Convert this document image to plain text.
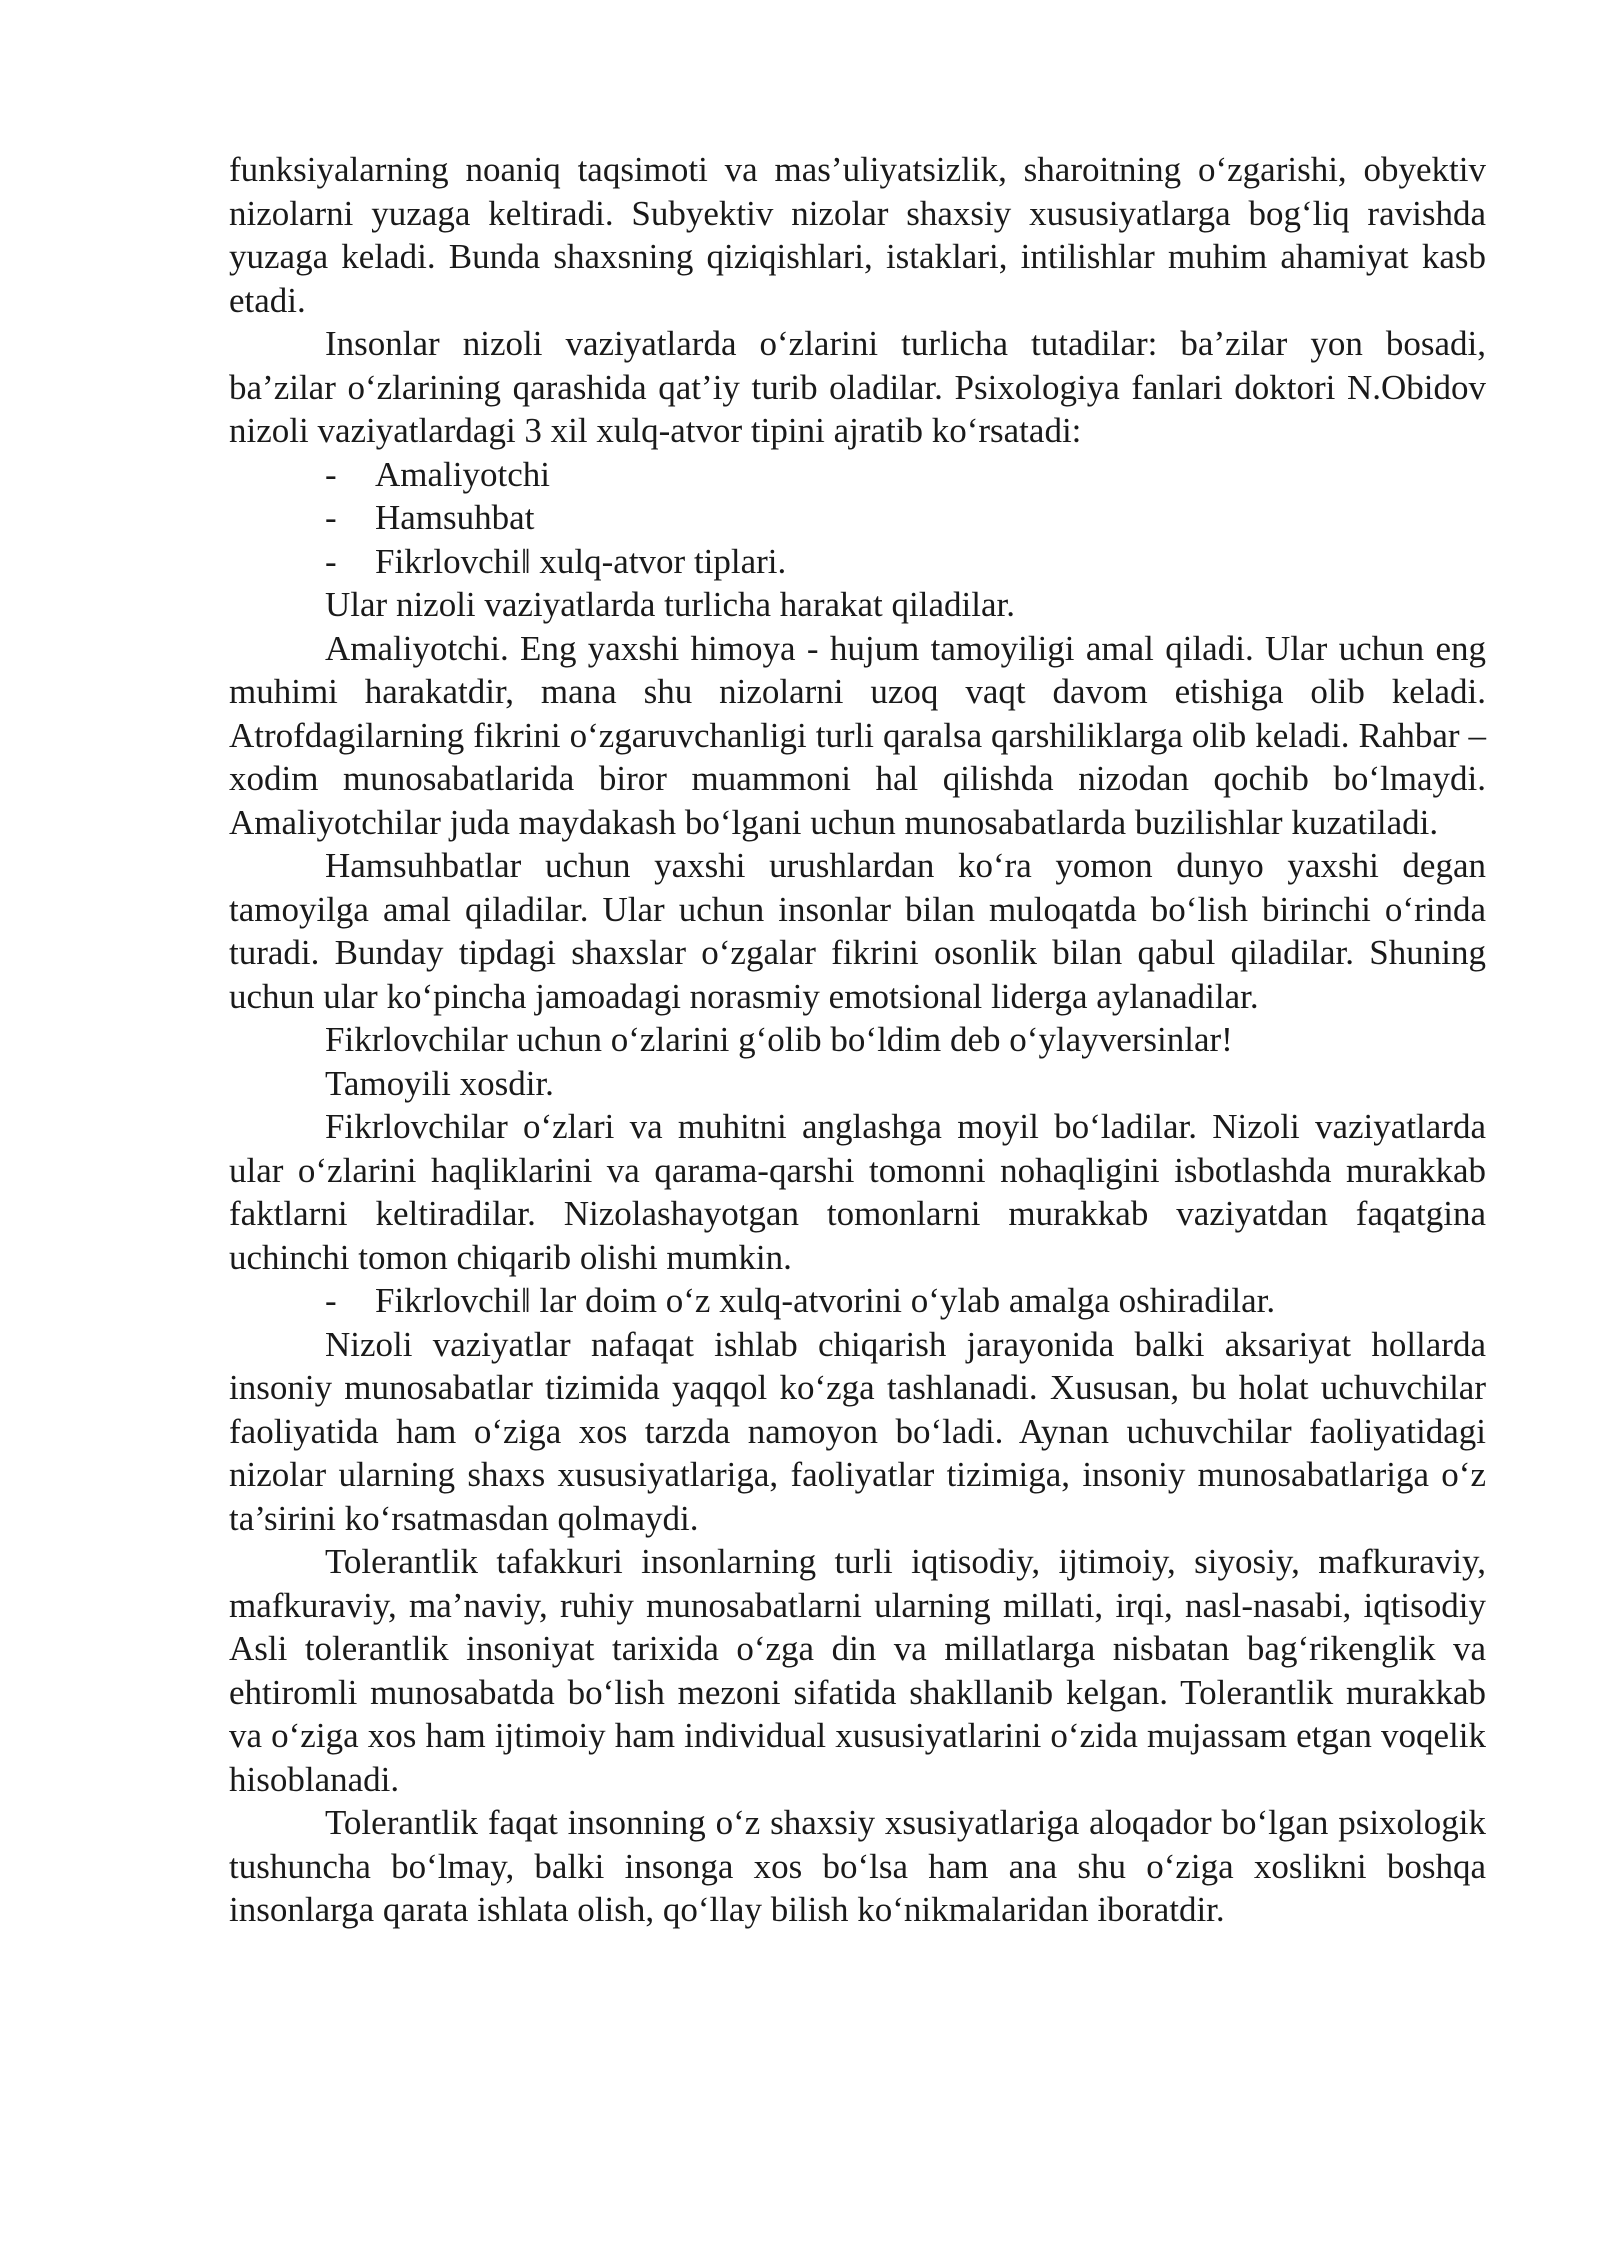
funksiyalarning noaniq taqsimoti va mas’uliyatsizlik, sharoitning o‘zgarishi, obyektiv nizolarni yuzaga keltiradi. Subyektiv nizolar shaxsiy xususiyatlarga bog‘liq ravishda yuzaga keladi. Bunda shaxsning qiziqishlari, istaklari, intilishlar muhim ahamiyat kasb etadi.

Insonlar nizoli vaziyatlarda o‘zlarini turlicha tutadilar: ba’zilar yon bosadi, ba’zilar o‘zlarining qarashida qat’iy turib oladilar. Psixologiya fanlari doktori N.Obidov nizoli vaziyatlardagi 3 xil xulq-atvor tipini ajratib ko‘rsatadi:

- Amaliyotchi

- Hamsuhbat

- Fikrlovchi‖ xulq-atvor tiplari.

Ular nizoli vaziyatlarda turlicha harakat qiladilar.

Amaliyotchi. Eng yaxshi himoya - hujum tamoyiligi amal qiladi. Ular uchun eng muhimi harakatdir, mana shu nizolarni uzoq vaqt davom etishiga olib keladi. Atrofdagilarning fikrini o‘zgaruvchanligi turli qaralsa qarshiliklarga olib keladi. Rahbar – xodim munosabatlarida biror muammoni hal qilishda nizodan qochib bo‘lmaydi. Amaliyotchilar juda maydakash bo‘lgani uchun munosabatlarda buzilishlar kuzatiladi.

Hamsuhbatlar uchun yaxshi urushlardan ko‘ra yomon dunyo yaxshi degan tamoyilga amal qiladilar. Ular uchun insonlar bilan muloqatda bo‘lish birinchi o‘rinda turadi. Bunday tipdagi shaxslar o‘zgalar fikrini osonlik bilan qabul qiladilar. Shuning uchun ular ko‘pincha jamoadagi norasmiy emotsional liderga aylanadilar.

Fikrlovchilar uchun o‘zlarini g‘olib bo‘ldim deb o‘ylayversinlar!

Tamoyili xosdir.

Fikrlovchilar o‘zlari va muhitni anglashga moyil bo‘ladilar. Nizoli vaziyatlarda ular o‘zlarini haqliklarini va qarama-qarshi tomonni nohaqligini isbotlashda murakkab faktlarni keltiradilar. Nizolashayotgan tomonlarni murakkab vaziyatdan faqatgina uchinchi tomon chiqarib olishi mumkin.

- Fikrlovchi‖ lar doim o‘z xulq-atvorini o‘ylab amalga oshiradilar.

Nizoli vaziyatlar nafaqat ishlab chiqarish jarayonida balki aksariyat hollarda insoniy munosabatlar tizimida yaqqol ko‘zga tashlanadi. Xususan, bu holat uchuvchilar faoliyatida ham o‘ziga xos tarzda namoyon bo‘ladi. Aynan uchuvchilar faoliyatidagi nizolar ularning shaxs xususiyatlariga, faoliyatlar tizimiga, insoniy munosabatlariga o‘z ta’sirini ko‘rsatmasdan qolmaydi.

Tolerantlik tafakkuri insonlarning turli iqtisodiy, ijtimoiy, siyosiy, mafkuraviy, mafkuraviy, ma’naviy, ruhiy munosabatlarni ularning millati, irqi, nasl-nasabi, iqtisodiy Asli tolerantlik insoniyat tarixida o‘zga din va millatlarga nisbatan bag‘rikenglik va ehtiromli munosabatda bo‘lish mezoni sifatida shakllanib kelgan. Tolerantlik murakkab va o‘ziga xos ham ijtimoiy ham individual xususiyatlarini o‘zida mujassam etgan voqelik hisoblanadi.

Tolerantlik faqat insonning o‘z shaxsiy xsusiyatlariga aloqador bo‘lgan psixologik tushuncha bo‘lmay, balki insonga xos bo‘lsa ham ana shu o‘ziga xoslikni boshqa insonlarga qarata ishlata olish, qo‘llay bilish ko‘nikmalaridan iboratdir.
